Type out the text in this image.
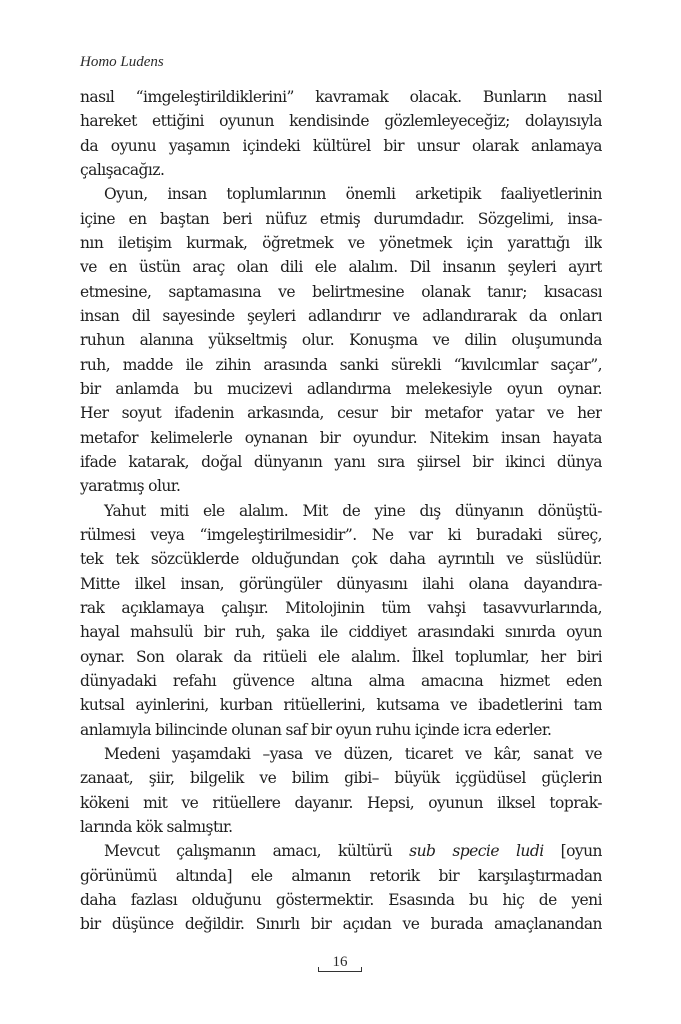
Homo Ludens
nasıl “imgeleştirildiklerini” kavramak olacak. Bunların nasıl
hareket ettiğini oyunun kendisinde gözlemleyeceğiz; dolayısıyla
da oyunu yaşamın içindeki kültürel bir unsur olarak anlamaya
çalışacağız.
Oyun, insan toplumlarının önemli arketipik faaliyetlerinin
içine en baştan beri nüfuz etmiş durumdadır. Sözgelimi, insa-
nın iletişim kurmak, öğretmek ve yönetmek için yarattığı ilk
ve en üstün araç olan dili ele alalım. Dil insanın şeyleri ayırt
etmesine, saptamasına ve belirtmesine olanak tanır; kısacası
insan dil sayesinde şeyleri adlandırır ve adlandırarak da onları
ruhun alanına yükseltmiş olur. Konuşma ve dilin oluşumunda
ruh, madde ile zihin arasında sanki sürekli “kıvılcımlar saçar”,
bir anlamda bu mucizevi adlandırma melekesiyle oyun oynar.
Her soyut ifadenin arkasında, cesur bir metafor yatar ve her
metafor kelimelerle oynanan bir oyundur. Nitekim insan hayata
ifade katarak, doğal dünyanın yanı sıra şiirsel bir ikinci dünya
yaratmış olur.
Yahut miti ele alalım. Mit de yine dış dünyanın dönüştü-
rülmesi veya “imgeleştirilmesidir”. Ne var ki buradaki süreç,
tek tek sözcüklerde olduğundan çok daha ayrıntılı ve süslüdür.
Mitte ilkel insan, görüngüler dünyasını ilahi olana dayandıra-
rak açıklamaya çalışır. Mitolojinin tüm vahşi tasavvurlarında,
hayal mahsulü bir ruh, şaka ile ciddiyet arasındaki sınırda oyun
oynar. Son olarak da ritüeli ele alalım. İlkel toplumlar, her biri
dünyadaki refahı güvence altına alma amacına hizmet eden
kutsal ayinlerini, kurban ritüellerini, kutsama ve ibadetlerini tam
anlamıyla bilincinde olunan saf bir oyun ruhu içinde icra ederler.
Medeni yaşamdaki –yasa ve düzen, ticaret ve kâr, sanat ve
zanaat, şiir, bilgelik ve bilim gibi– büyük içgüdüsel güçlerin
kökeni mit ve ritüellere dayanır. Hepsi, oyunun ilksel toprak-
larında kök salmıştır.
Mevcut çalışmanın amacı, kültürü sub specie ludi [oyun
görünümü altında] ele almanın retorik bir karşılaştırmadan
daha fazlası olduğunu göstermektir. Esasında bu hiç de yeni
bir düşünce değildir. Sınırlı bir açıdan ve burada amaçlanandan
16
